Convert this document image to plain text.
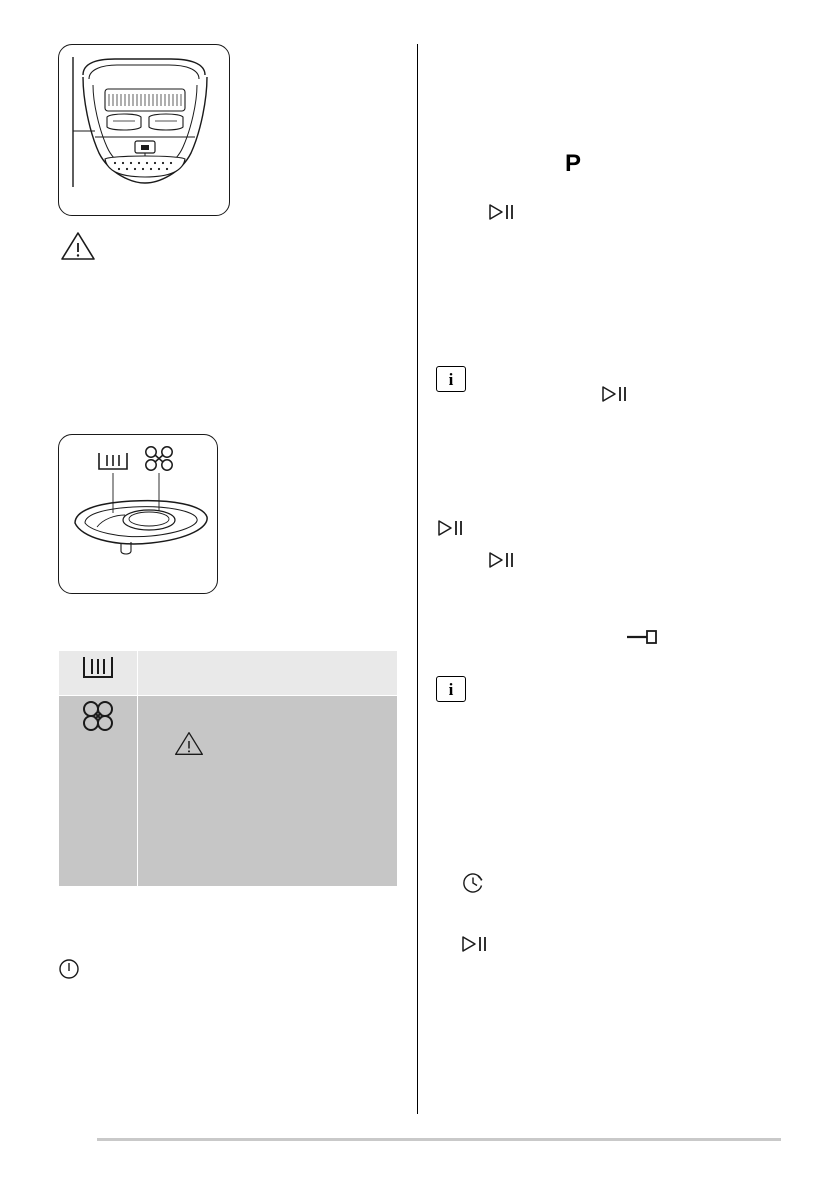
P

i

i
